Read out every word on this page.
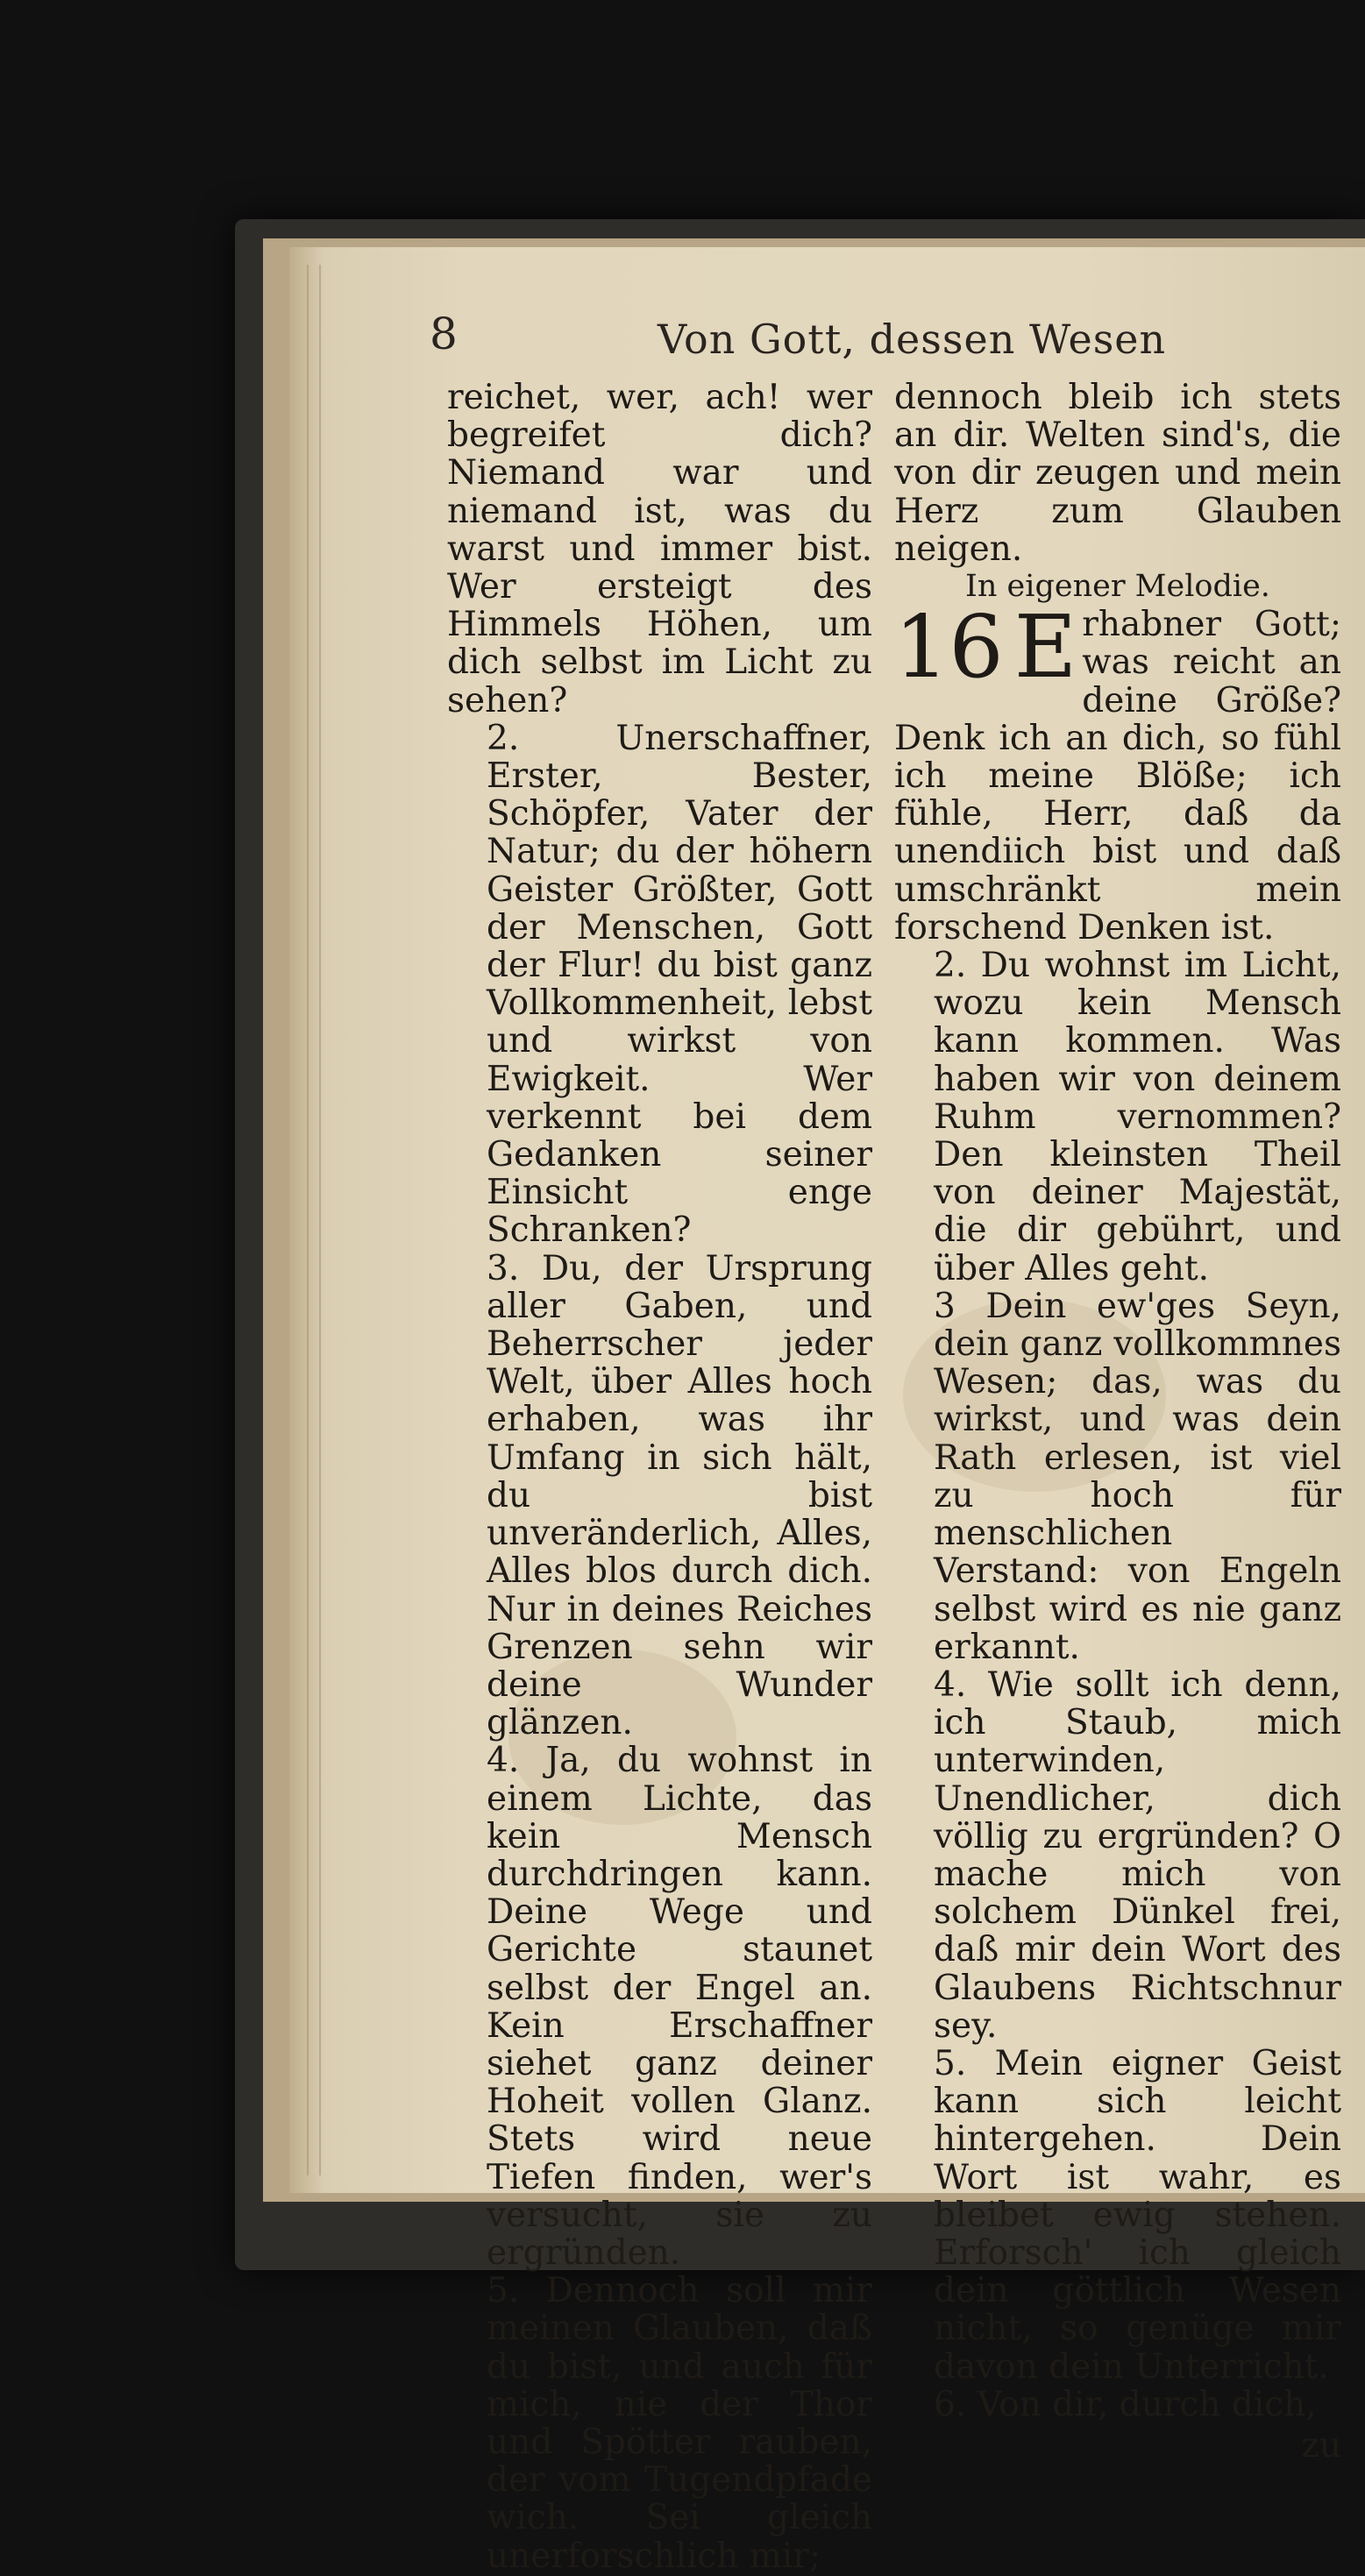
8	Von Gott, dessen Wesen

reichet, wer, ach! wer begreifet dich? Niemand war und niemand ist, was du warst und immer bist. Wer ersteigt des Himmels Höhen, um dich selbst im Licht zu sehen?

2. Unerschaffner, Erster, Bester, Schöpfer, Vater der Natur; du der höhern Geister Größter, Gott der Menschen, Gott der Flur! du bist ganz Vollkommenheit, lebst und wirkst von Ewigkeit. Wer verkennt bei dem Gedanken seiner Einsicht enge Schranken?

3. Du, der Ursprung aller Gaben, und Beherrscher jeder Welt, über Alles hoch erhaben, was ihr Umfang in sich hält, du bist unveränderlich, Alles, Alles blos durch dich. Nur in deines Reiches Grenzen sehn wir deine Wunder glänzen.

4. Ja, du wohnst in einem Lichte, das kein Mensch durchdringen kann. Deine Wege und Gerichte staunet selbst der Engel an. Kein Erschaffner siehet ganz deiner Hoheit vollen Glanz. Stets wird neue Tiefen finden, wer's versucht, sie zu ergründen.

5. Dennoch soll mir meinen Glauben, daß du bist, und auch für mich, nie der Thor und Spötter rauben, der vom Tugendpfade wich. Sei gleich unerforschlich mir;

dennoch bleib ich stets an dir. Welten sind's, die von dir zeugen und mein Herz zum Glauben neigen.

In eigener Melodie.

16 E rhabner Gott; was reicht an deine Größe? Denk ich an dich, so fühl ich meine Blöße; ich fühle, Herr, daß da unendiich bist und daß umschränkt mein forschend Denken ist.

2. Du wohnst im Licht, wozu kein Mensch kann kommen. Was haben wir von deinem Ruhm vernommen? Den kleinsten Theil von deiner Majestät, die dir gebührt, und über Alles geht.

3 Dein ew'ges Seyn, dein ganz vollkommnes Wesen; das, was du wirkst, und was dein Rath erlesen, ist viel zu hoch für menschlichen Verstand: von Engeln selbst wird es nie ganz erkannt.

4. Wie sollt ich denn, ich Staub, mich unterwinden, Unendlicher, dich völlig zu ergründen? O mache mich von solchem Dünkel frei, daß mir dein Wort des Glaubens Richtschnur sey.

5. Mein eigner Geist kann sich leicht hintergehen. Dein Wort ist wahr, es bleibet ewig stehen. Erforsch' ich gleich dein göttlich Wesen nicht, so genüge mir davon dein Unterricht.

6. Von dir, durch dich,

zu
